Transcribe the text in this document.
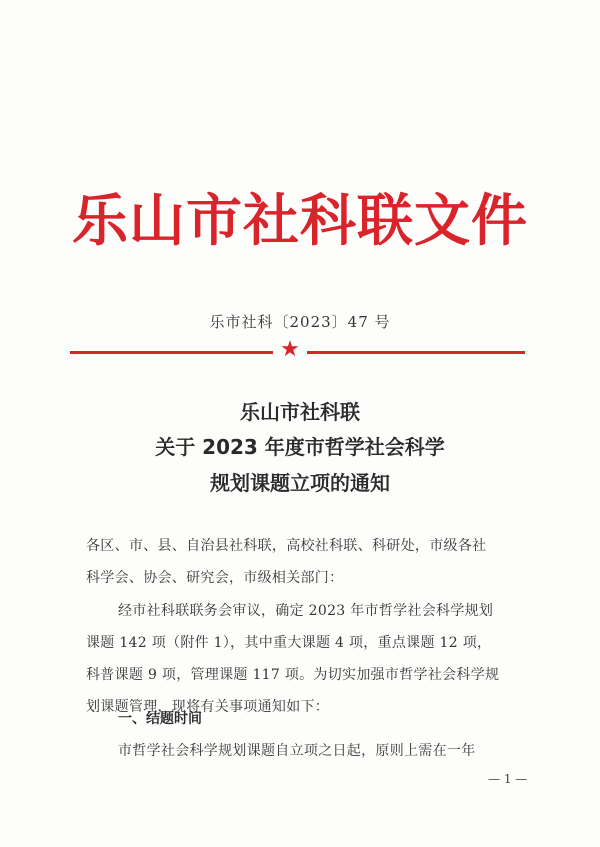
乐山市社科联文件
乐市社科〔2023〕47 号
★
乐山市社科联
关于 2023 年度市哲学社会科学
规划课题立项的通知
各区、市、县、自治县社科联，高校社科联、科研处，市级各社
科学会、协会、研究会，市级相关部门：
经市社科联联务会审议，确定 2023 年市哲学社会科学规划
课题 142 项（附件 1），其中重大课题 4 项，重点课题 12 项，
科普课题 9 项，管理课题 117 项。为切实加强市哲学社会科学规
划课题管理，现将有关事项通知如下：
一、结题时间
市哲学社会科学规划课题自立项之日起，原则上需在一年
— 1 —
